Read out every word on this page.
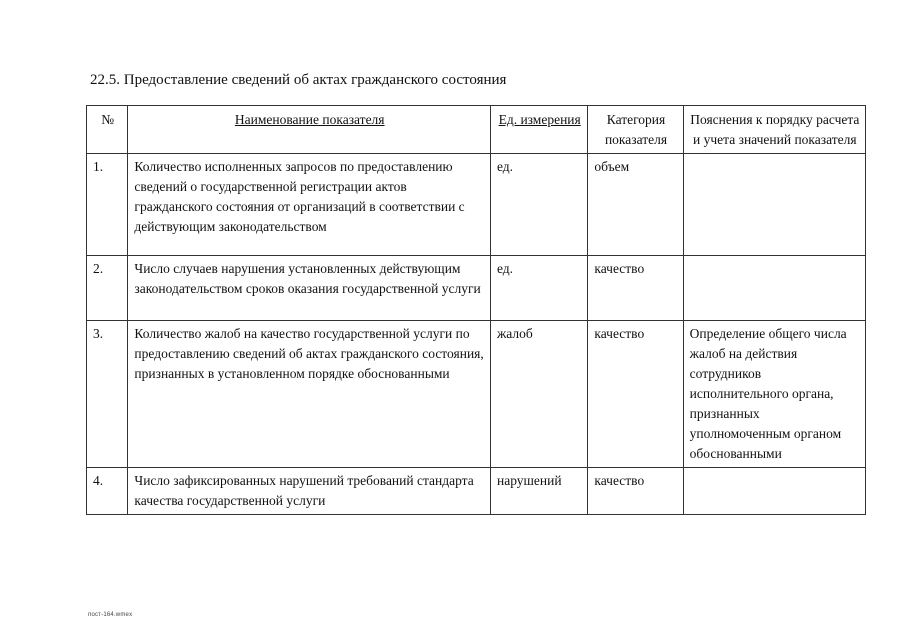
22.5. Предоставление сведений об актах гражданского состояния
№	Наименование показателя	Ед. измерения	Категория показателя	Пояснения к порядку расчета и учета значений показателя
1.	Количество исполненных запросов по предоставлению сведений о государственной регистрации актов гражданского состояния от организаций в соответствии с действующим законодательством	ед.	объем	
2.	Число случаев нарушения установленных действующим законодательством сроков оказания государственной услуги	ед.	качество	
3.	Количество жалоб на качество государственной услуги по предоставлению сведений об актах гражданского состояния, признанных в установленном порядке обоснованными	жалоб	качество	Определение общего числа жалоб на действия сотрудников исполнительного органа, признанных уполномоченным органом обоснованными
4.	Число зафиксированных нарушений требований стандарта качества государственной услуги	нарушений	качество	
пост-164.wmex
